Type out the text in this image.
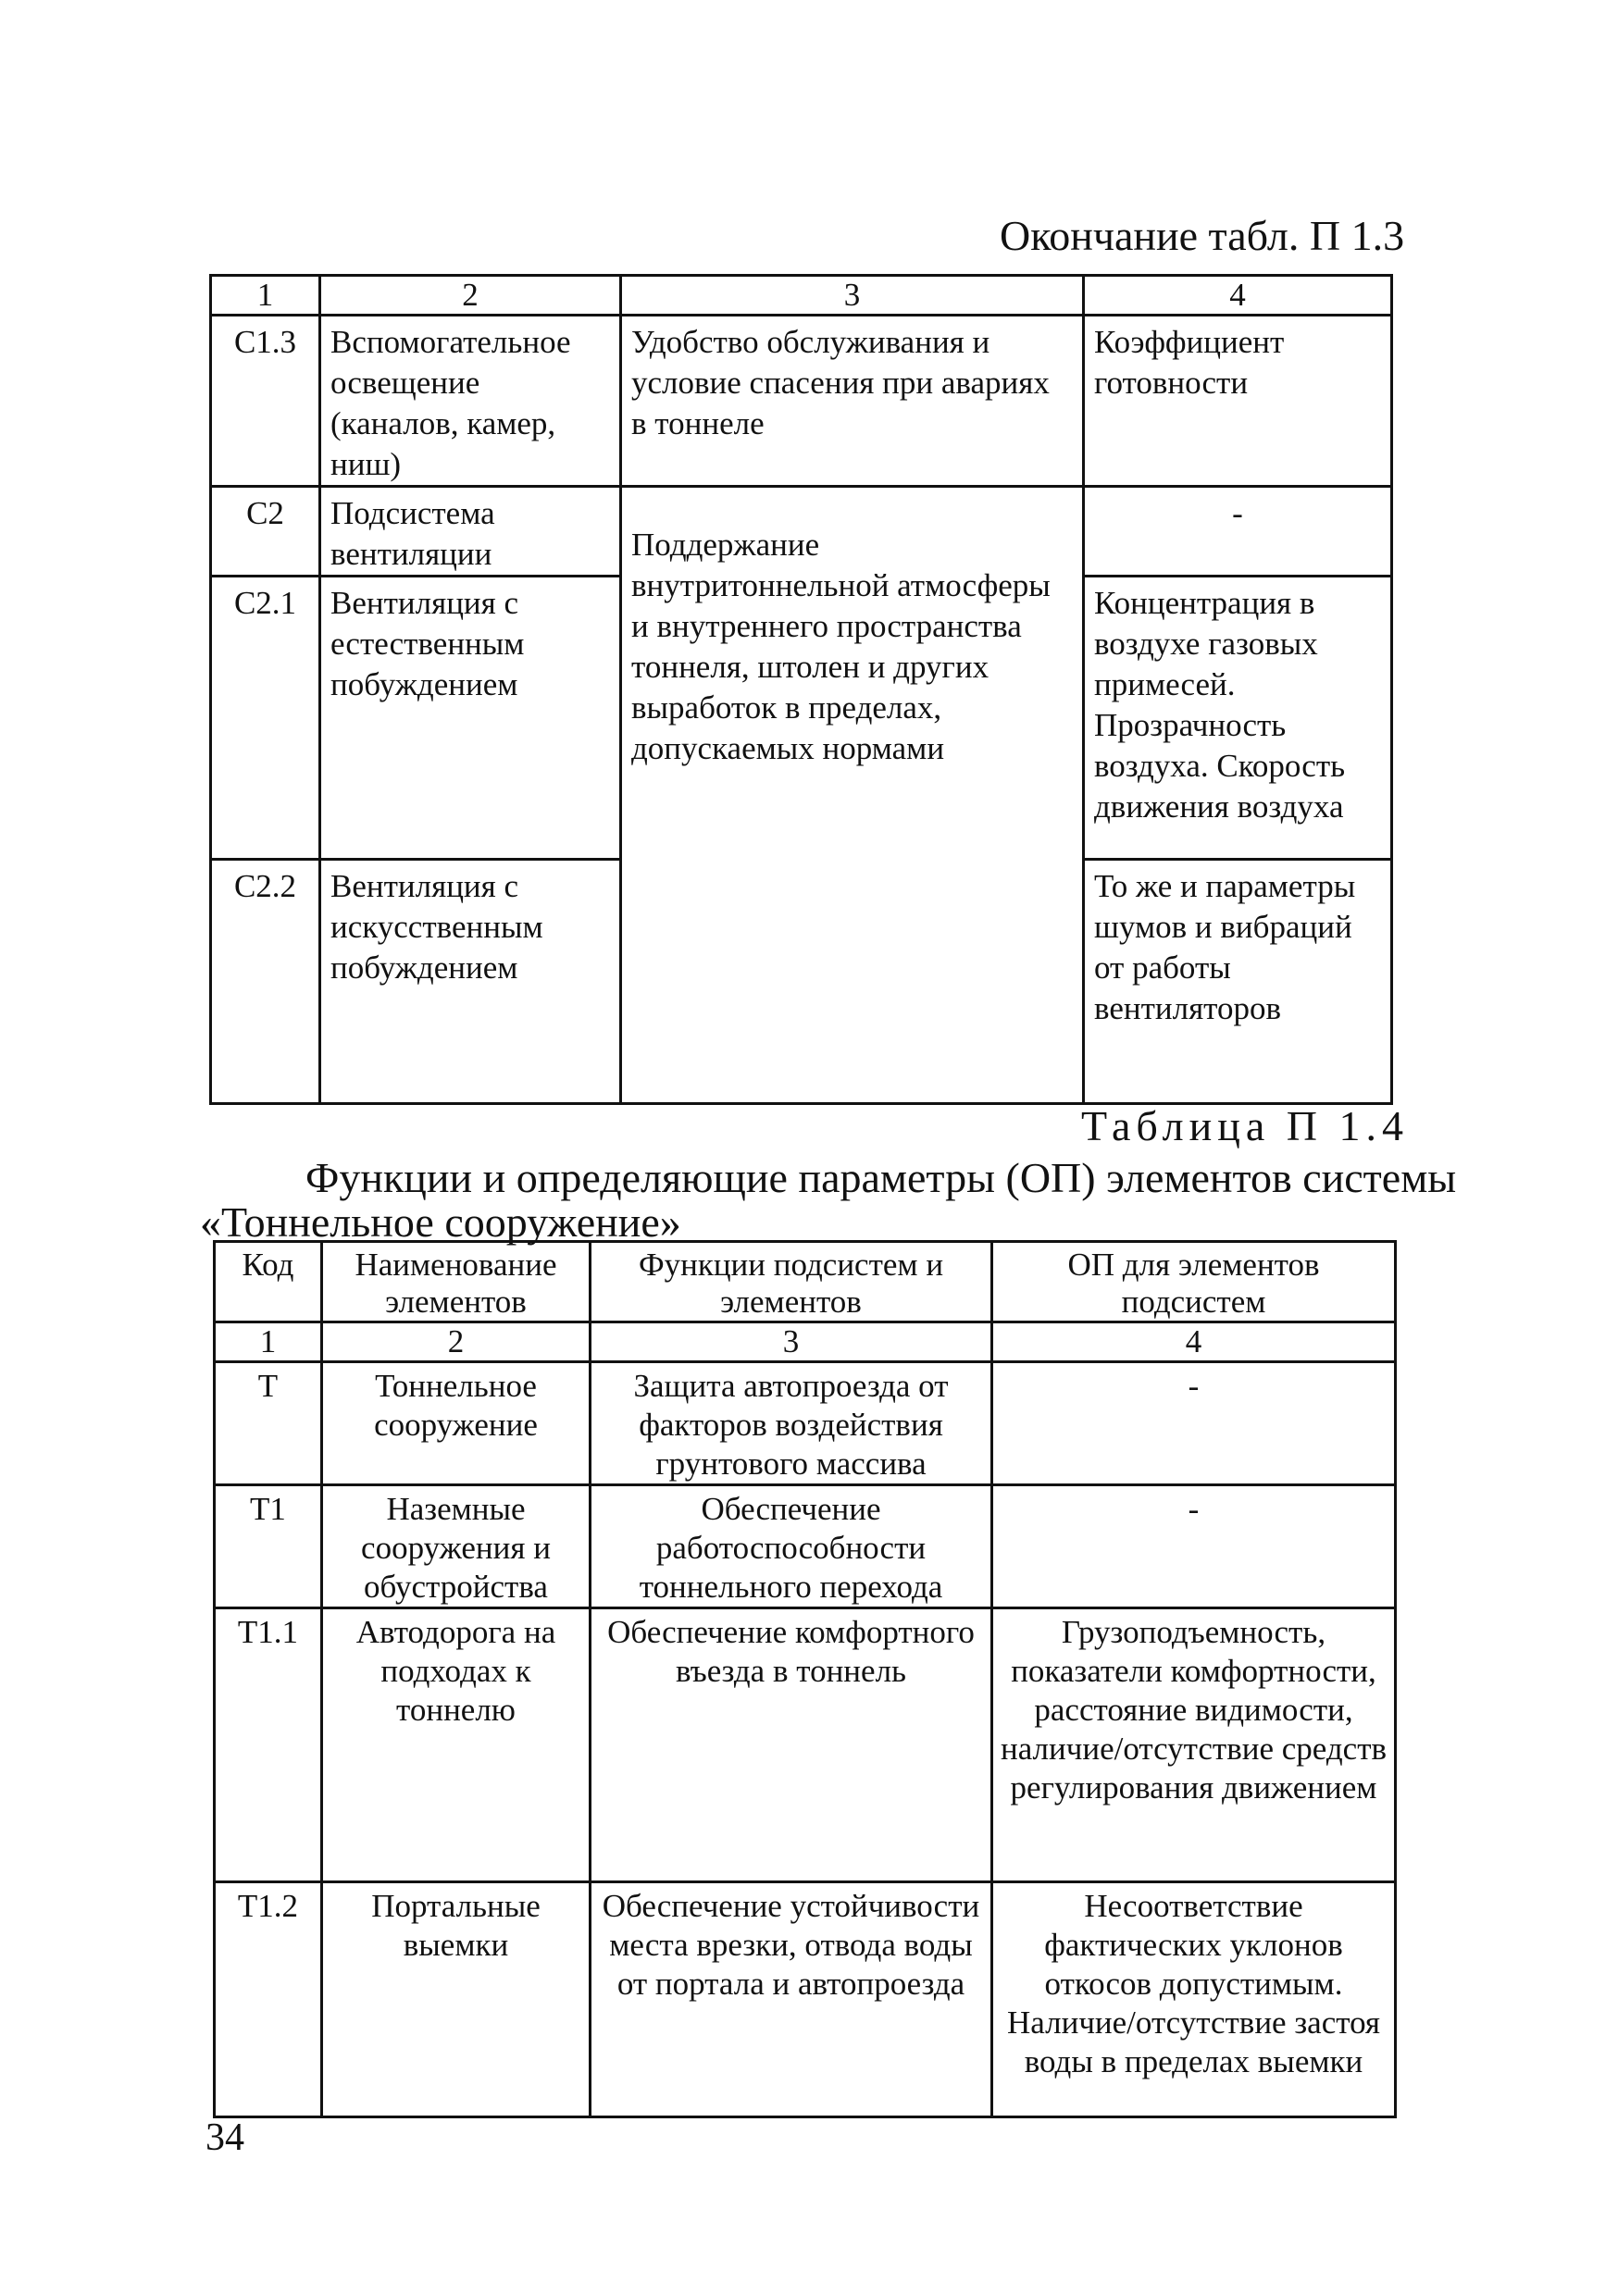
Окончание табл. П 1.3
1	2	3	4
С1.3	Вспомогательное освещение (каналов, камер, ниш)	Удобство обслуживания и условие спасения при авариях в тоннеле	Коэффициент готовности
С2	Подсистема вентиляции	Поддержание внутритоннельной атмосферы и внутреннего пространства тоннеля, штолен и других выработок в пределах, допускаемых нормами	-
С2.1	Вентиляция с естественным побуждением		Концентрация в воздухе газовых примесей. Прозрачность воздуха. Скорость движения воздуха
С2.2	Вентиляция с искусственным побуждением		То же и параметры шумов и вибраций от работы вентиляторов
Таблица П 1.4
Функции и определяющие параметры (ОП) элементов системы
«Тоннельное сооружение»
Код	Наименование элементов	Функции подсистем и элементов	ОП для элементов подсистем
1	2	3	4
Т	Тоннельное сооружение	Защита автопроезда от факторов воздействия грунтового массива	-
Т1	Наземные сооружения и обустройства	Обеспечение работоспособности тоннельного перехода	-
Т1.1	Автодорога на подходах к тоннелю	Обеспечение комфортного въезда в тоннель	Грузоподъемность, показатели комфортности, расстояние видимости, наличие/отсутствие средств регулирования движением
Т1.2	Портальные выемки	Обеспечение устойчивости места врезки, отвода воды от портала и автопроезда	Несоответствие фактических уклонов откосов допустимым. Наличие/отсутствие застоя воды в пределах выемки
34
